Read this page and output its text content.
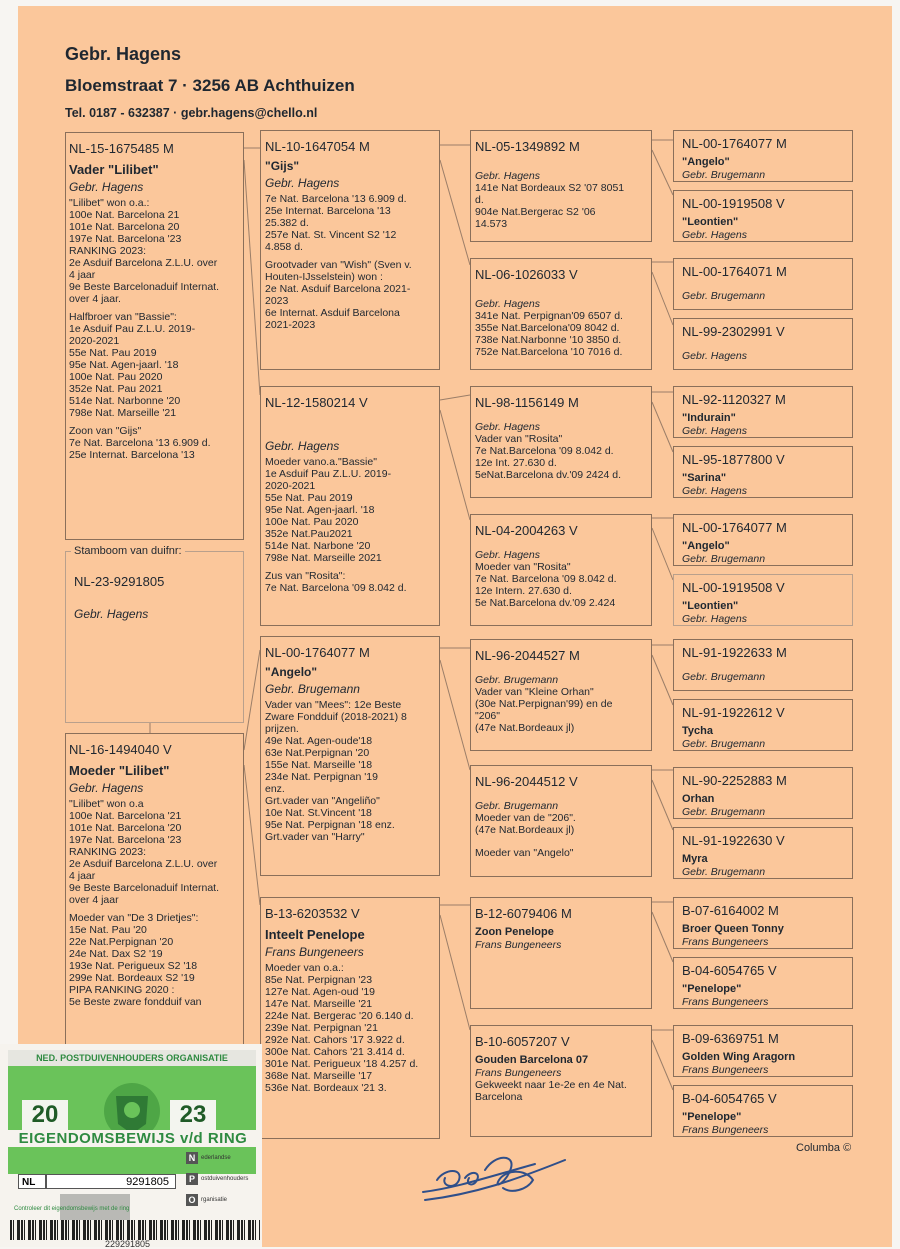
Gebr. Hagens
Bloemstraat 7 · 3256 AB Achthuizen
Tel. 0187 - 632387 · gebr.hagens@chello.nl
NL-15-1675485 M
Vader "Lilibet"
Gebr. Hagens
"Lilibet" won o.a.:
100e Nat. Barcelona 21
101e Nat. Barcelona 20
197e Nat. Barcelona '23
RANKING 2023:
2e Asduif Barcelona Z.L.U. over
4 jaar
9e Beste Barcelonaduif Internat.
over 4 jaar.
Halfbroer van "Bassie":
1e Asduif Pau Z.L.U. 2019-
2020-2021
55e Nat. Pau 2019
95e Nat. Agen-jaarl. '18
100e Nat. Pau 2020
352e Nat. Pau 2021
514e Nat. Narbonne '20
798e Nat. Marseille '21
Zoon van "Gijs"
7e Nat. Barcelona '13 6.909 d.
25e Internat. Barcelona '13
NL-23-9291805
Gebr. Hagens
Stamboom van duifnr:
NL-16-1494040 V
Moeder "Lilibet"
Gebr. Hagens
"Lilibet" won o.a
100e Nat. Barcelona '21
101e Nat. Barcelona '20
197e Nat. Barcelona '23
RANKING 2023:
2e Asduif Barcelona Z.L.U. over
4 jaar
9e Beste Barcelonaduif Internat.
over 4 jaar
Moeder van "De 3 Drietjes":
15e Nat. Pau '20
22e Nat.Perpignan '20
24e Nat. Dax S2 '19
193e Nat. Perigueux S2 '18
299e Nat. Bordeaux S2 '19
PIPA RANKING 2020 :
5e Beste zware fondduif van
NL-10-1647054 M
"Gijs"
Gebr. Hagens
7e Nat. Barcelona '13 6.909 d.
25e Internat. Barcelona '13
25.382 d.
257e Nat. St. Vincent S2 '12
4.858 d.
Grootvader van "Wish" (Sven v.
Houten-IJsselstein) won :
2e Nat. Asduif Barcelona 2021-
2023
6e Internat. Asduif Barcelona
2021-2023
NL-12-1580214 V
Gebr. Hagens
Moeder vano.a."Bassie"
1e Asduif Pau Z.L.U. 2019-
2020-2021
55e Nat. Pau 2019
95e Nat. Agen-jaarl. '18
100e Nat. Pau 2020
352e Nat.Pau2021
514e Nat. Narbone '20
798e Nat. Marseille 2021
Zus van "Rosita":
7e Nat. Barcelona '09 8.042 d.
NL-00-1764077 M
"Angelo"
Gebr. Brugemann
Vader van "Mees": 12e Beste
Zware Fondduif (2018-2021) 8
prijzen.
49e Nat. Agen-oude'18
63e Nat.Perpignan '20
155e Nat. Marseille '18
234e Nat. Perpignan '19
enz.
Grt.vader van "Angeliño"
10e Nat. St.Vincent '18
95e Nat. Perpignan '18 enz.
Grt.vader van "Harry"
B-13-6203532 V
Inteelt Penelope
Frans Bungeneers
Moeder van o.a.:
85e Nat. Perpignan '23
127e Nat. Agen-oud '19
147e Nat. Marseille '21
224e Nat. Bergerac '20 6.140 d.
239e Nat. Perpignan '21
292e Nat. Cahors '17 3.922 d.
300e Nat. Cahors '21 3.414 d.
301e Nat. Perigueux '18 4.257 d.
368e Nat. Marseille '17
536e Nat. Bordeaux '21 3.
NL-05-1349892 M
Gebr. Hagens
141e Nat Bordeaux S2 '07 8051
d.
904e Nat.Bergerac S2 '06
14.573
NL-06-1026033 V
Gebr. Hagens
341e Nat. Perpignan'09 6507 d.
355e Nat.Barcelona'09 8042 d.
738e Nat.Narbonne '10 3850 d.
752e Nat.Barcelona '10 7016 d.
NL-98-1156149 M
Gebr. Hagens
Vader van "Rosita"
7e Nat.Barcelona '09 8.042 d.
12e Int. 27.630 d.
5eNat.Barcelona dv.'09 2424 d.
NL-04-2004263 V
Gebr. Hagens
Moeder van "Rosita"
7e Nat. Barcelona '09 8.042 d.
12e Intern. 27.630 d.
5e Nat.Barcelona dv.'09 2.424
NL-96-2044527 M
Gebr. Brugemann
Vader van "Kleine Orhan"
(30e Nat.Perpignan'99) en de
"206"
(47e Nat.Bordeaux jl)
NL-96-2044512 V
Gebr. Brugemann
Moeder van de "206".
(47e Nat.Bordeaux jl)
Moeder van "Angelo"
B-12-6079406 M
Zoon Penelope
Frans Bungeneers
B-10-6057207 V
Gouden Barcelona 07
Frans Bungeneers
Gekweekt naar 1e-2e en 4e Nat.
Barcelona
NL-00-1764077 M
"Angelo"
Gebr. Brugemann
NL-00-1919508 V
"Leontien"
Gebr. Hagens
NL-00-1764071 M
Gebr. Brugemann
NL-99-2302991 V
Gebr. Hagens
NL-92-1120327 M
"Indurain"
Gebr. Hagens
NL-95-1877800 V
"Sarina"
Gebr. Hagens
NL-00-1764077 M
"Angelo"
Gebr. Brugemann
NL-00-1919508 V
"Leontien"
Gebr. Hagens
NL-91-1922633 M
Gebr. Brugemann
NL-91-1922612 V
Tycha
Gebr. Brugemann
NL-90-2252883 M
Orhan
Gebr. Brugemann
NL-91-1922630 V
Myra
Gebr. Brugemann
B-07-6164002 M
Broer Queen Tonny
Frans Bungeneers
B-04-6054765 V
"Penelope"
Frans Bungeneers
B-09-6369751 M
Golden Wing Aragorn
Frans Bungeneers
B-04-6054765 V
"Penelope"
Frans Bungeneers
Columba ©
NED. POSTDUIVENHOUDERS ORGANISATIE
20	23
EIGENDOMSBEWIJS v/d RING
NL	9291805
N ederlandse
P	ostduivenhouders
O rganisatie
Controleer dit eigendomsbewijs met de ring
229291805
